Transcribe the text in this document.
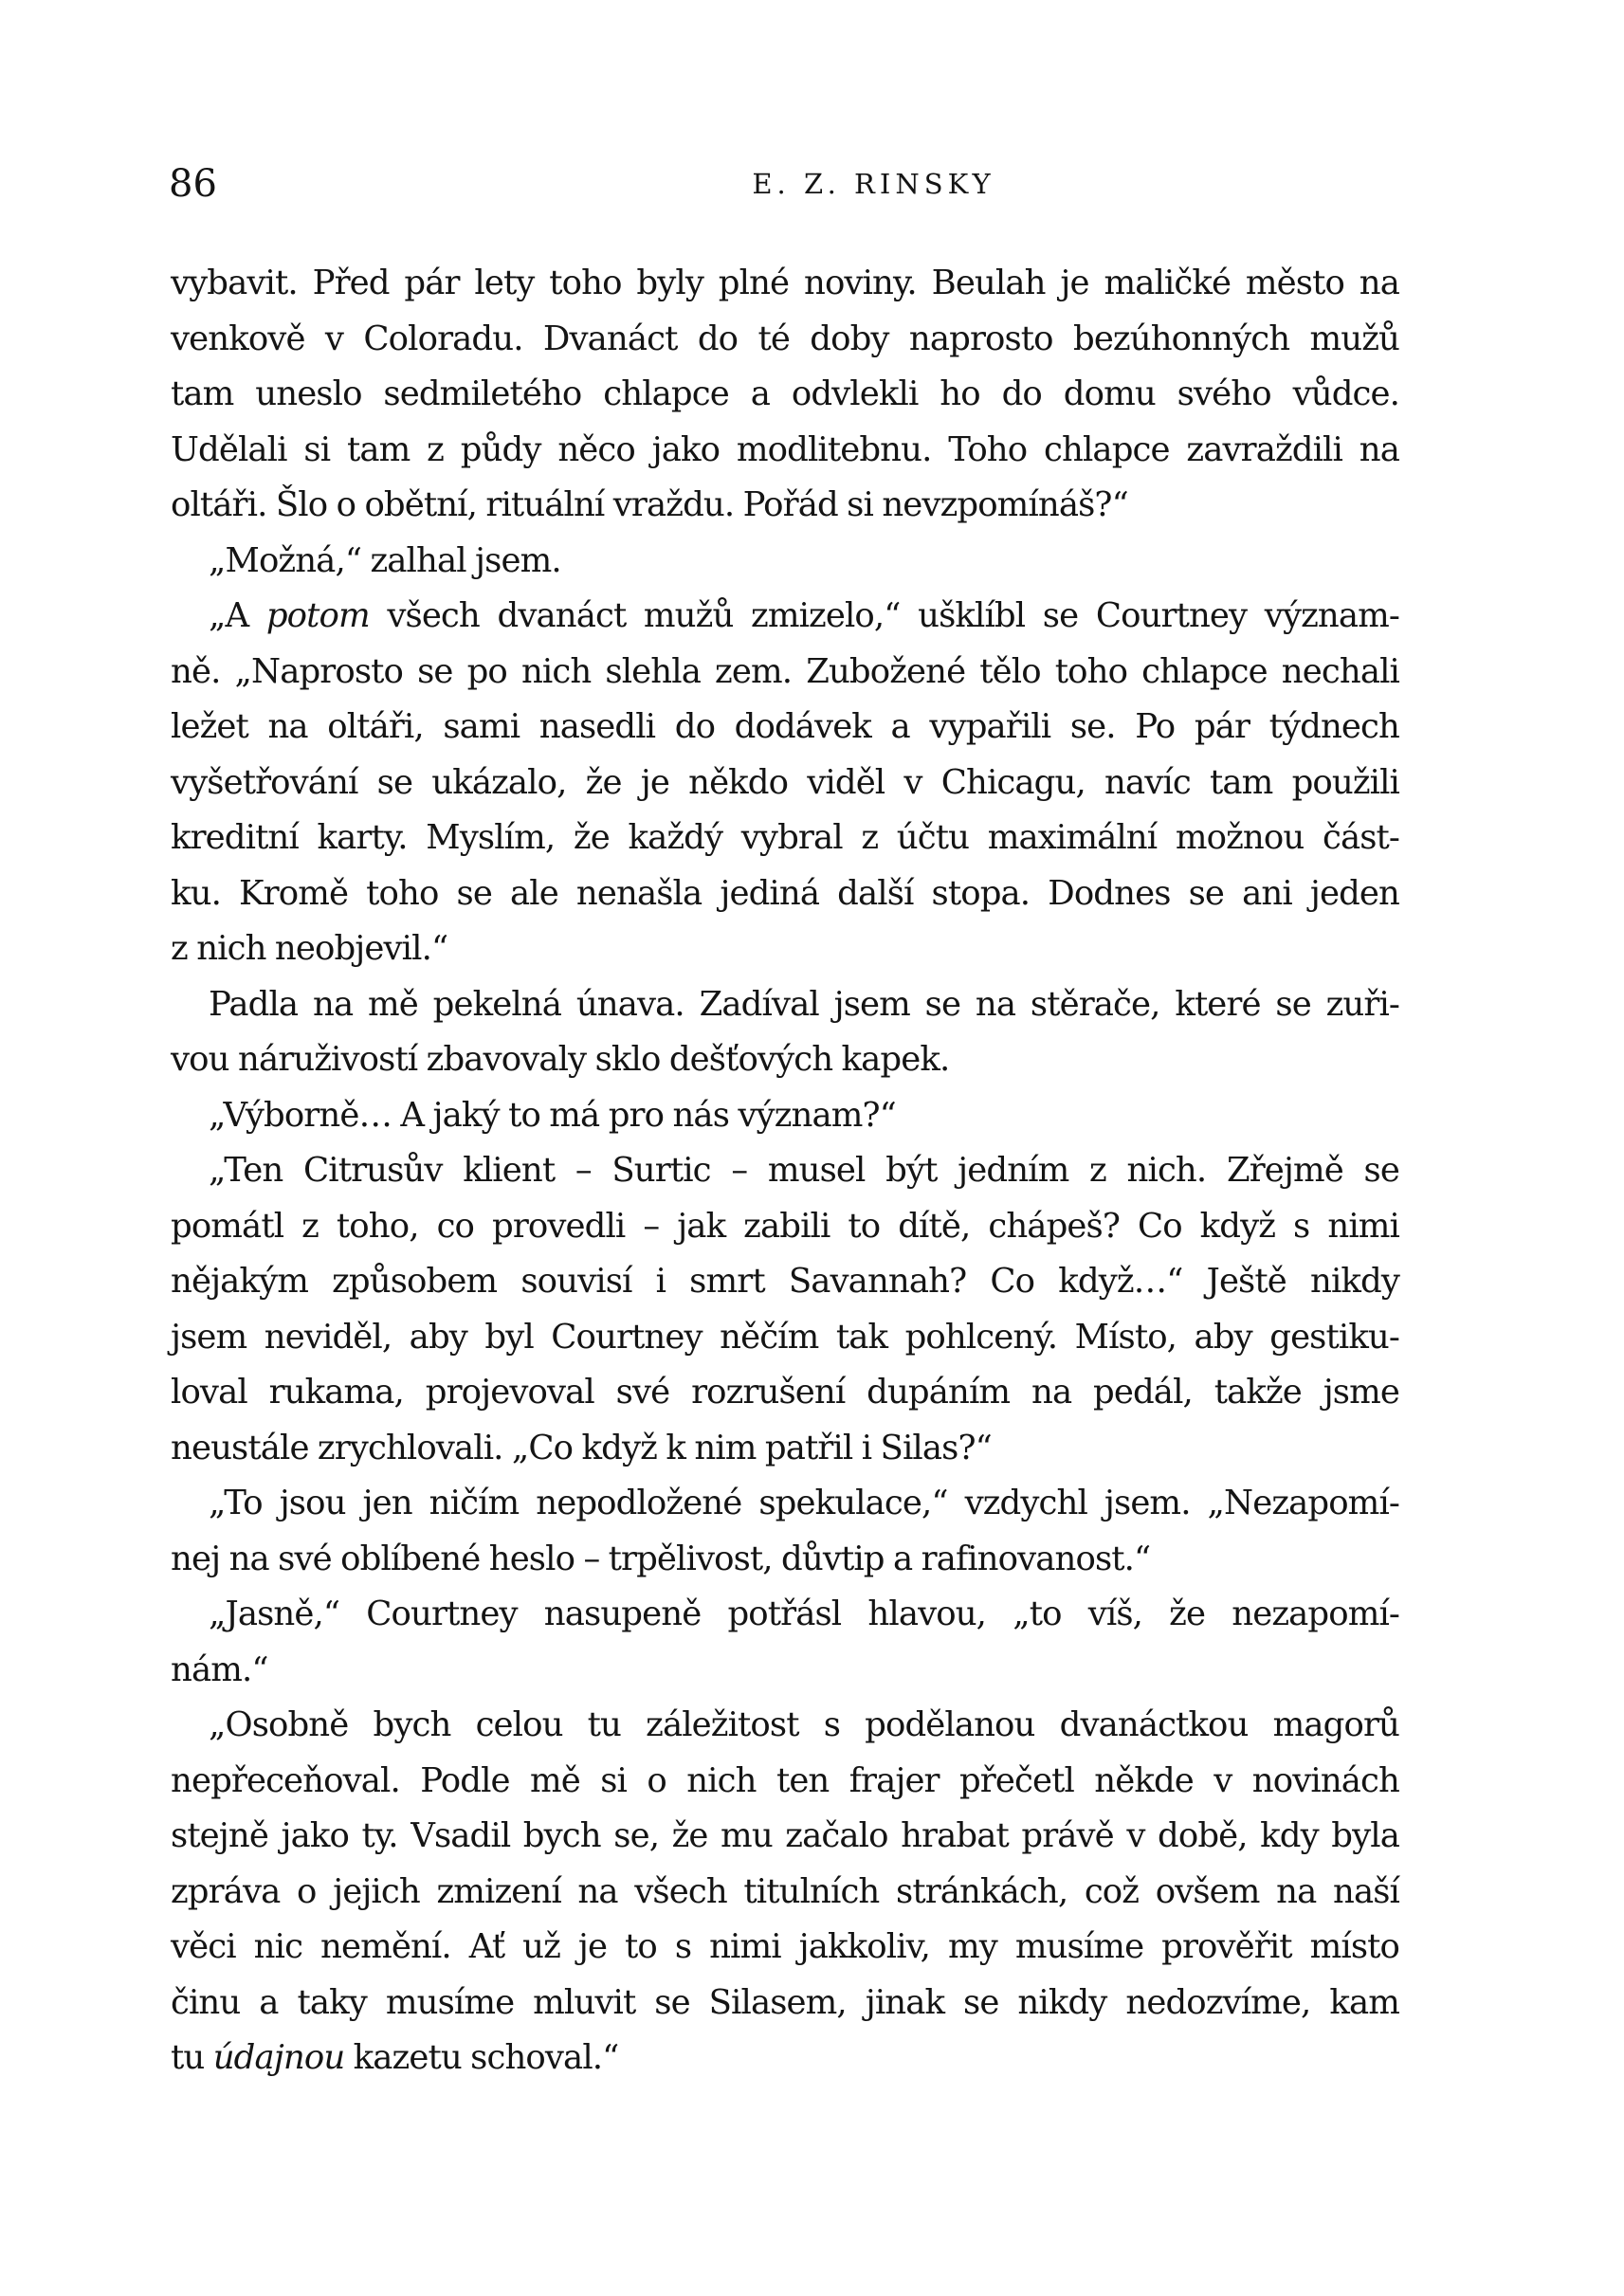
86	E. Z. RINSKY
vybavit. Před pár lety toho byly plné noviny. Beulah je maličké město na
venkově v Coloradu. Dvanáct do té doby naprosto bezúhonných mužů
tam uneslo sedmiletého chlapce a odvlekli ho do domu svého vůdce.
Udělali si tam z půdy něco jako modlitebnu. Toho chlapce zavraždili na
oltáři. Šlo o obětní, rituální vraždu. Pořád si nevzpomínáš?“
„Možná,“ zalhal jsem.
„A potom všech dvanáct mužů zmizelo,“ ušklíbl se Courtney význam-
ně. „Naprosto se po nich slehla zem. Zubožené tělo toho chlapce nechali
ležet na oltáři, sami nasedli do dodávek a vypařili se. Po pár týdnech
vyšetřování se ukázalo, že je někdo viděl v Chicagu, navíc tam použili
kreditní karty. Myslím, že každý vybral z účtu maximální možnou část-
ku. Kromě toho se ale nenašla jediná další stopa. Dodnes se ani jeden
z nich neobjevil.“
Padla na mě pekelná únava. Zadíval jsem se na stěrače, které se zuři-
vou náruživostí zbavovaly sklo dešťových kapek.
„Výborně… A jaký to má pro nás význam?“
„Ten Citrusův klient – Surtic – musel být jedním z nich. Zřejmě se
pomátl z toho, co provedli – jak zabili to dítě, chápeš? Co když s nimi
nějakým způsobem souvisí i smrt Savannah? Co když…“ Ještě nikdy
jsem neviděl, aby byl Courtney něčím tak pohlcený. Místo, aby gestiku-
loval rukama, projevoval své rozrušení dupáním na pedál, takže jsme
neustále zrychlovali. „Co když k nim patřil i Silas?“
„To jsou jen ničím nepodložené spekulace,“ vzdychl jsem. „Nezapomí-
nej na své oblíbené heslo – trpělivost, důvtip a rafinovanost.“
„Jasně,“ Courtney nasupeně potřásl hlavou, „to víš, že nezapomí-
nám.“
„Osobně bych celou tu záležitost s podělanou dvanáctkou magorů
nepřeceňoval. Podle mě si o nich ten frajer přečetl někde v novinách
stejně jako ty. Vsadil bych se, že mu začalo hrabat právě v době, kdy byla
zpráva o jejich zmizení na všech titulních stránkách, což ovšem na naší
věci nic nemění. Ať už je to s nimi jakkoliv, my musíme prověřit místo
činu a taky musíme mluvit se Silasem, jinak se nikdy nedozvíme, kam
tu údajnou kazetu schoval.“
